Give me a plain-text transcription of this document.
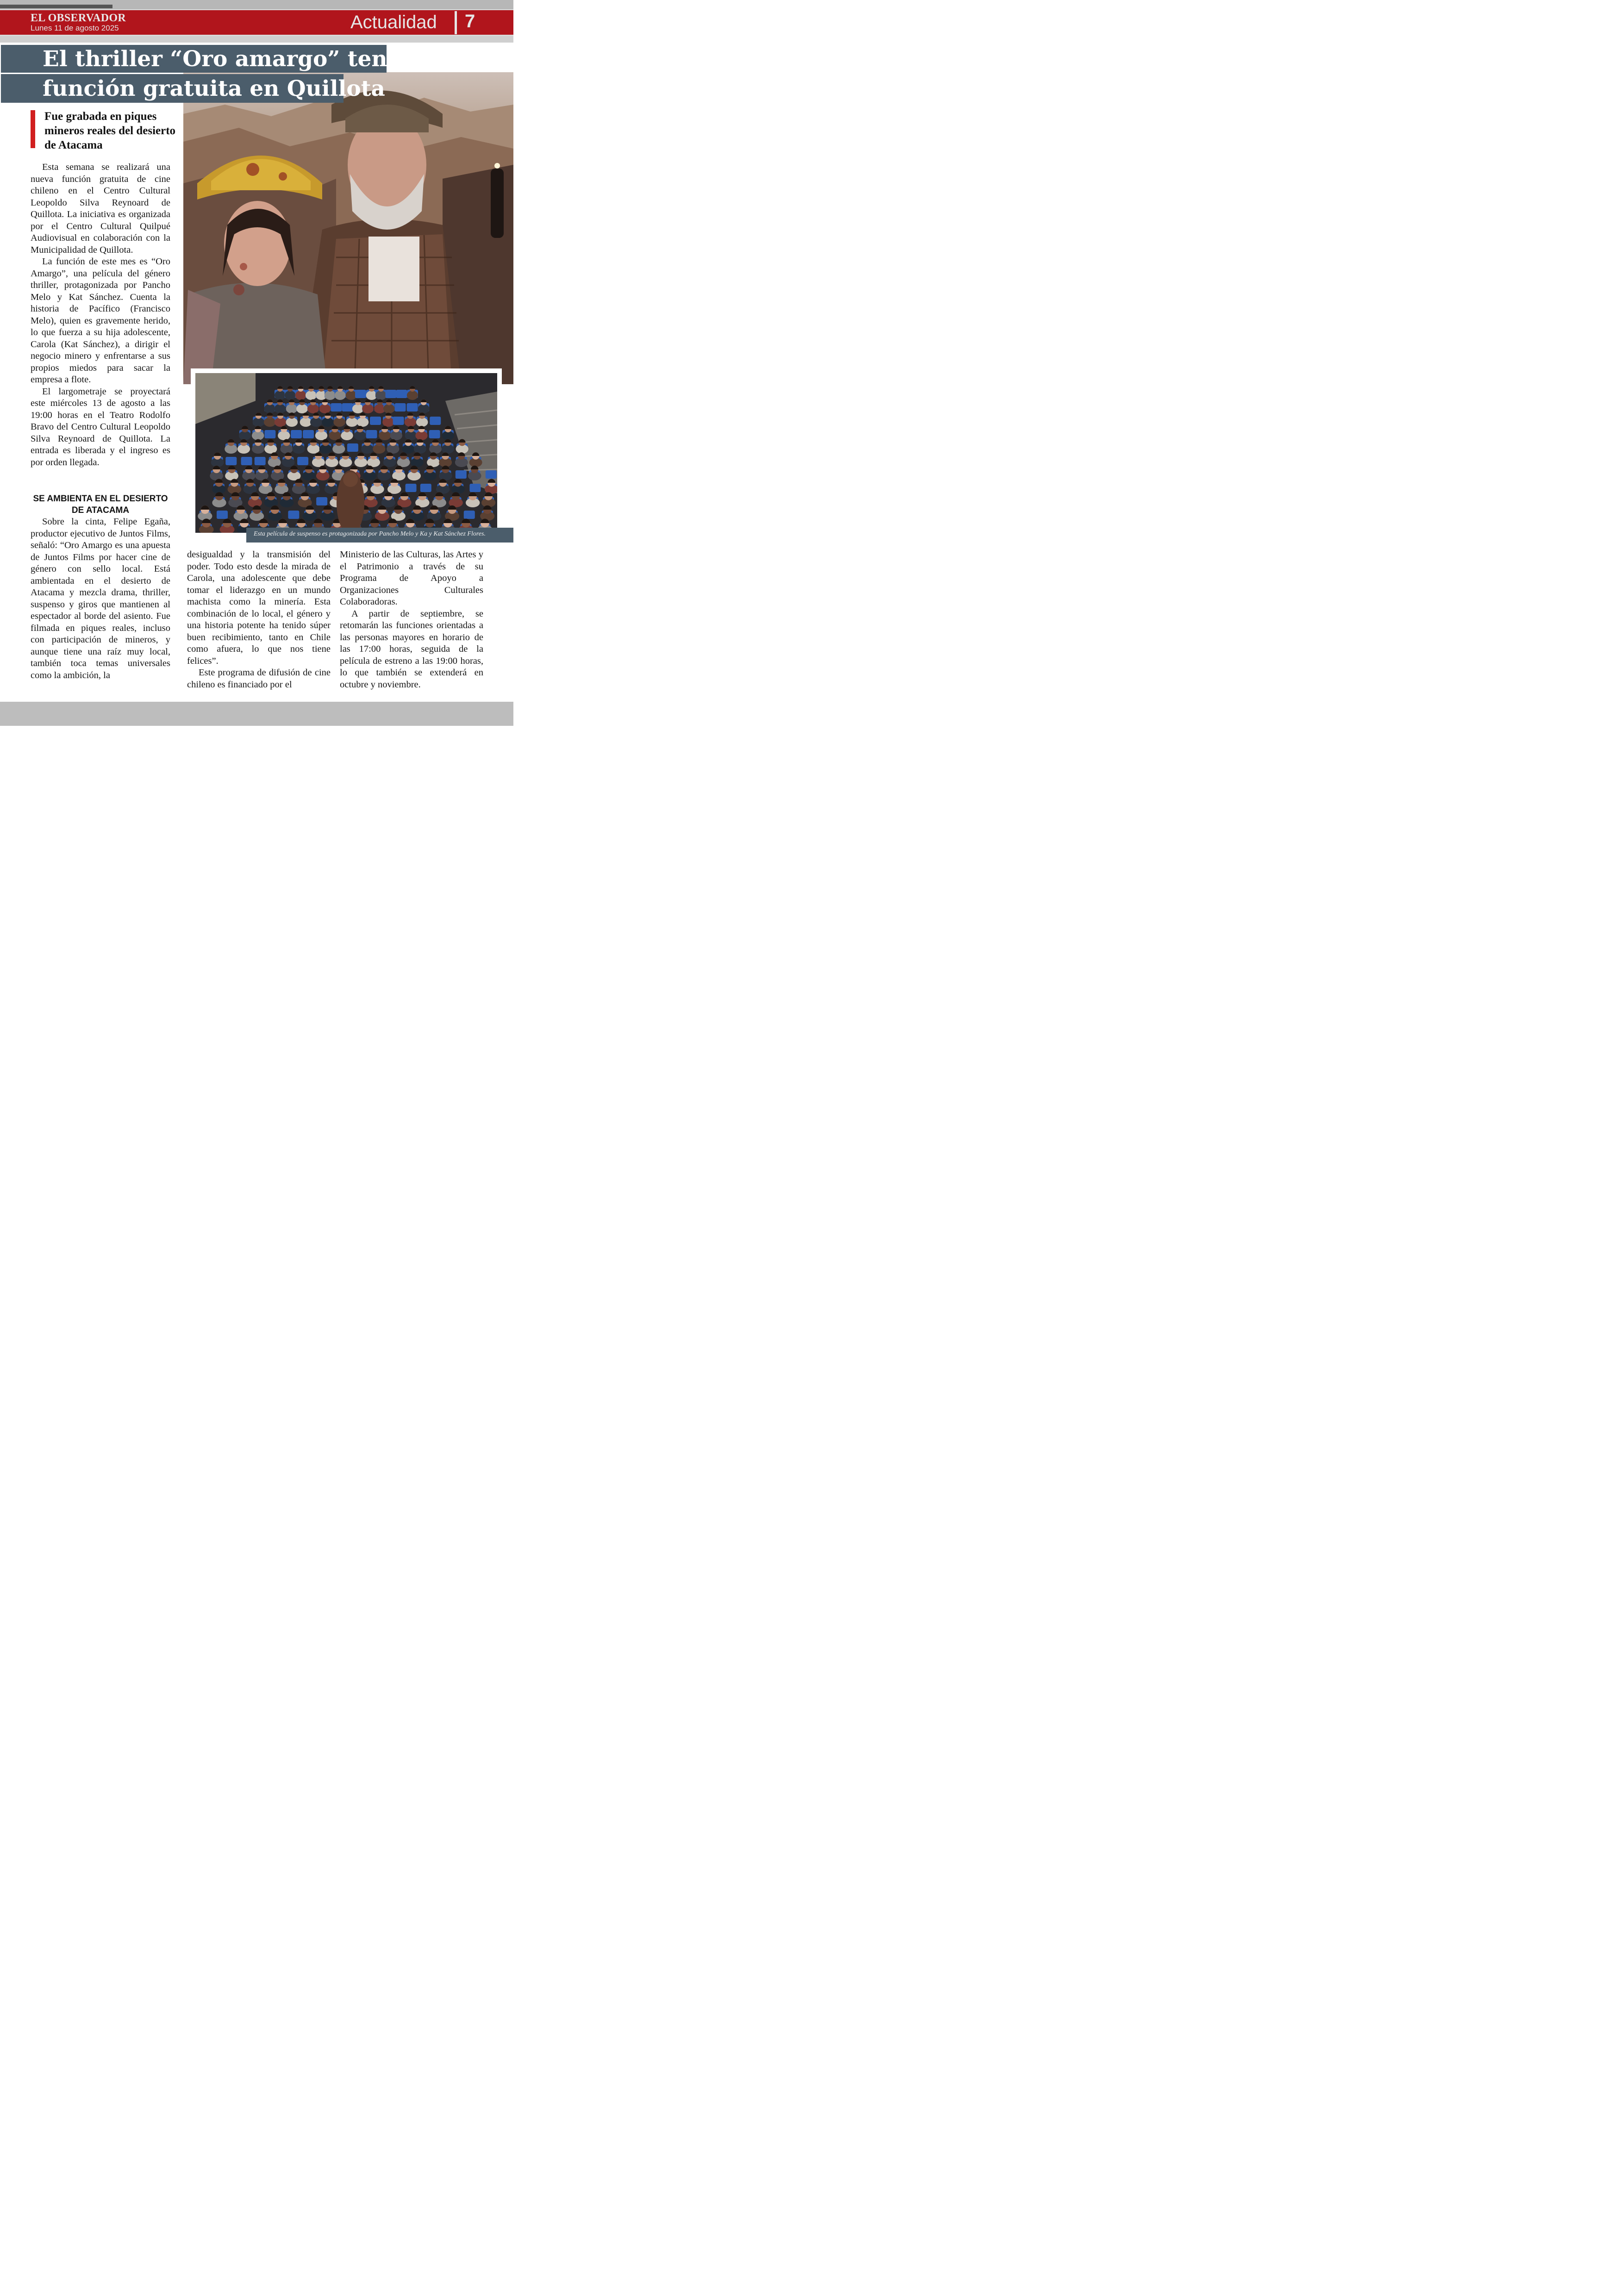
EL OBSERVADOR
Lunes 11 de agosto 2025	Actualidad 7
El thriller “Oro amargo” tendrá
función gratuita en Quillota
Fue grabada en piques mineros reales del desierto de Atacama

Esta semana se realizará una nueva función gratuita de cine chileno en el Centro Cultural Leopoldo Silva Reynoard de Quillota. La iniciativa es organizada por el Centro Cultural Quilpué Audiovisual en colaboración con la Municipalidad de Quillota.

La función de este mes es “Oro Amargo”, una película del género thriller, protagonizada por Pancho Melo y Kat Sánchez. Cuenta la historia de Pacífico (Francisco Melo), quien es gravemente herido, lo que fuerza a su hija adolescente, Carola (Kat Sánchez), a dirigir el negocio minero y enfrentarse a sus propios miedos para sacar la empresa a flote.

El largometraje se proyectará este miércoles 13 de agosto a las 19:00 horas en el Teatro Rodolfo Bravo del Centro Cultural Leopoldo Silva Reynoard de Quillota. La entrada es liberada y el ingreso es por orden llegada.

SE AMBIENTA EN EL DESIERTO DE ATACAMA

Sobre la cinta, Felipe Egaña, productor ejecutivo de Juntos Films, señaló: “Oro Amargo es una apuesta de Juntos Films por hacer cine de género con sello local. Está ambientada en el desierto de Atacama y mezcla drama, thriller, suspenso y giros que mantienen al espectador al borde del asiento. Fue filmada en piques reales, incluso con participación de mineros, y aunque tiene una raíz muy local, también toca temas universales como la ambición, la

Esta película de suspenso es protagonizada por Pancho Melo y Ka y Kat Sánchez Flores.

desigualdad y la transmisión del poder. Todo esto desde la mirada de Carola, una adolescente que debe tomar el liderazgo en un mundo machista como la minería. Esta combinación de lo local, el género y una historia potente ha tenido súper buen recibimiento, tanto en Chile como afuera, lo que nos tiene felices”.

Este programa de difusión de cine chileno es financiado por el

Ministerio de las Culturas, las Artes y el Patrimonio a través de su Programa de Apoyo a Organizaciones Culturales Colaboradoras.

A partir de septiembre, se retomarán las funciones orientadas a las personas mayores en horario de las 17:00 horas, seguida de la película de estreno a las 19:00 horas, lo que también se extenderá en octubre y noviembre.
